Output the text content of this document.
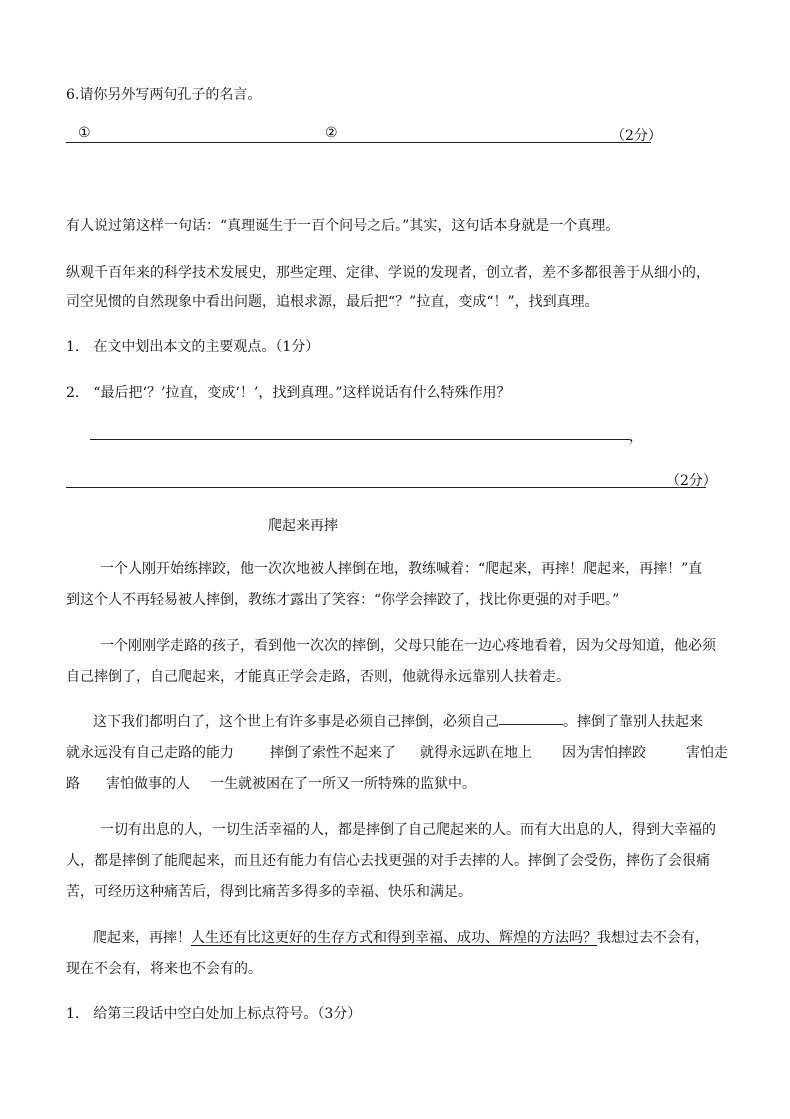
6.请你另外写两句孔子的名言。
①	②	（2分）
有人说过第这样一句话：“真理诞生于一百个问号之后。”其实，这句话本身就是一个真理。
纵观千百年来的科学技术发展史，那些定理、定律、学说的发现者，创立者，差不多都很善于从细小的，
司空见惯的自然现象中看出问题，追根求源，最后把“？”拉直，变成“！”，找到真理。
1.　在文中划出本文的主要观点。（1分）
2.　“最后把‘？’拉直，变成‘！’，找到真理。”这样说话有什么特殊作用？
，
（2分）
爬起来再摔
一个人刚开始练摔跤，他一次次地被人摔倒在地，教练喊着：“爬起来，再摔！爬起来，再摔！”直
到这个人不再轻易被人摔倒，教练才露出了笑容：“你学会摔跤了，找比你更强的对手吧。”
一个刚刚学走路的孩子，看到他一次次的摔倒，父母只能在一边心疼地看着，因为父母知道，他必须
自己摔倒了，自己爬起来，才能真正学会走路，否则，他就得永远靠别人扶着走。
这下我们都明白了，这个世上有许多事是必须自己摔倒，必须自己	。摔倒了靠别人扶起来
就永远没有自己走路的能力	摔倒了索性不起来了 就得永远趴在地上 因为害怕摔跤	害怕走
路 害怕做事的人 一生就被困在了一所又一所特殊的监狱中。
一切有出息的人，一切生活幸福的人，都是摔倒了自己爬起来的人。而有大出息的人，得到大幸福的
人，都是摔倒了能爬起来，而且还有能力有信心去找更强的对手去摔的人。摔倒了会受伤，摔伤了会很痛
苦，可经历这种痛苦后，得到比痛苦多得多的幸福、快乐和满足。
爬起来，再摔！人生还有比这更好的生存方式和得到幸福、成功、辉煌的方法吗？我想过去不会有，
现在不会有，将来也不会有的。
1.　给第三段话中空白处加上标点符号。（3分）
